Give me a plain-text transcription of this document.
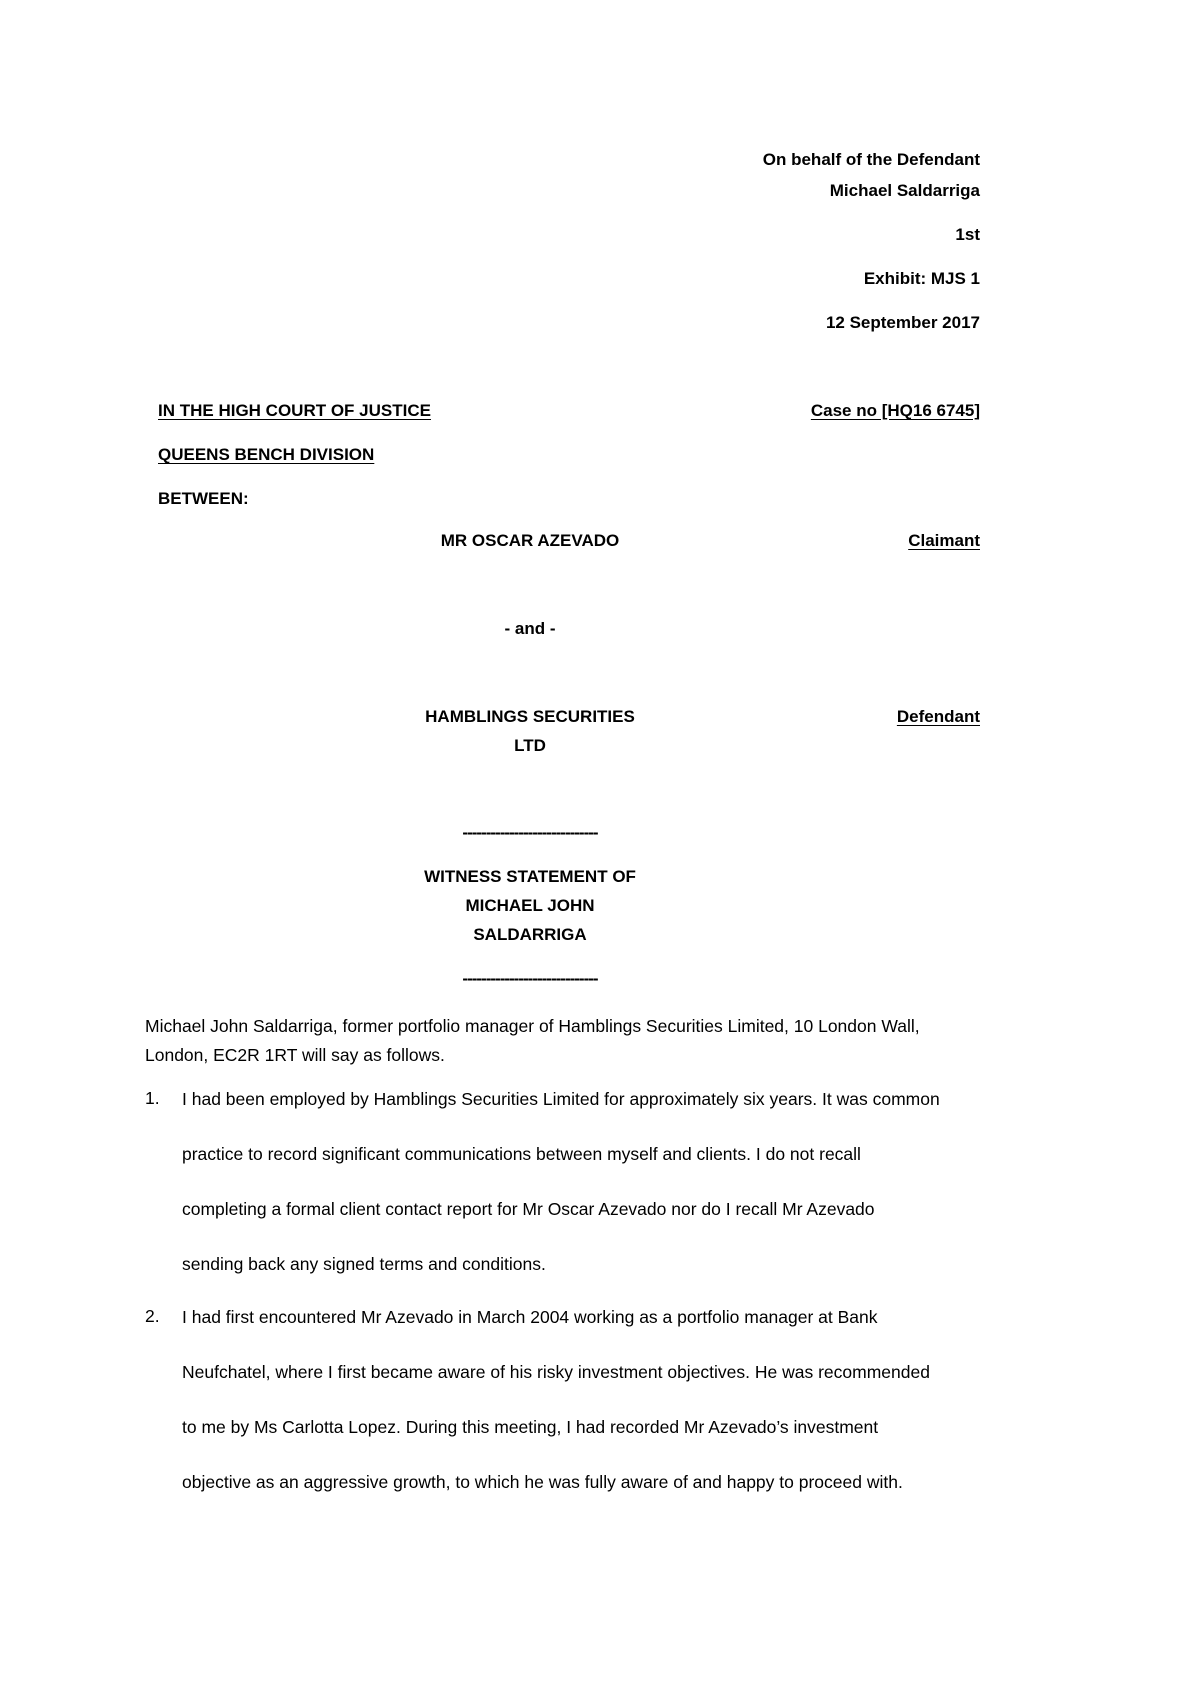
On behalf of the Defendant
Michael Saldarriga
1st
Exhibit: MJS 1
12 September 2017
IN THE HIGH COURT OF JUSTICE	Case no [HQ16 6745]
QUEENS BENCH DIVISION
BETWEEN:
MR OSCAR AZEVADO	Claimant
- and -
HAMBLINGS SECURITIES
LTD
Defendant
-----------------------------
WITNESS STATEMENT OF
MICHAEL JOHN
SALDARRIGA
-----------------------------
Michael John Saldarriga, former portfolio manager of Hamblings Securities Limited, 10 London Wall,
London, EC2R 1RT will say as follows.
1. I had been employed by Hamblings Securities Limited for approximately six years. It was common
practice to record significant communications between myself and clients. I do not recall
completing a formal client contact report for Mr Oscar Azevado nor do I recall Mr Azevado
sending back any signed terms and conditions.
2. I had first encountered Mr Azevado in March 2004 working as a portfolio manager at Bank
Neufchatel, where I first became aware of his risky investment objectives. He was recommended
to me by Ms Carlotta Lopez. During this meeting, I had recorded Mr Azevado’s investment
objective as an aggressive growth, to which he was fully aware of and happy to proceed with.
